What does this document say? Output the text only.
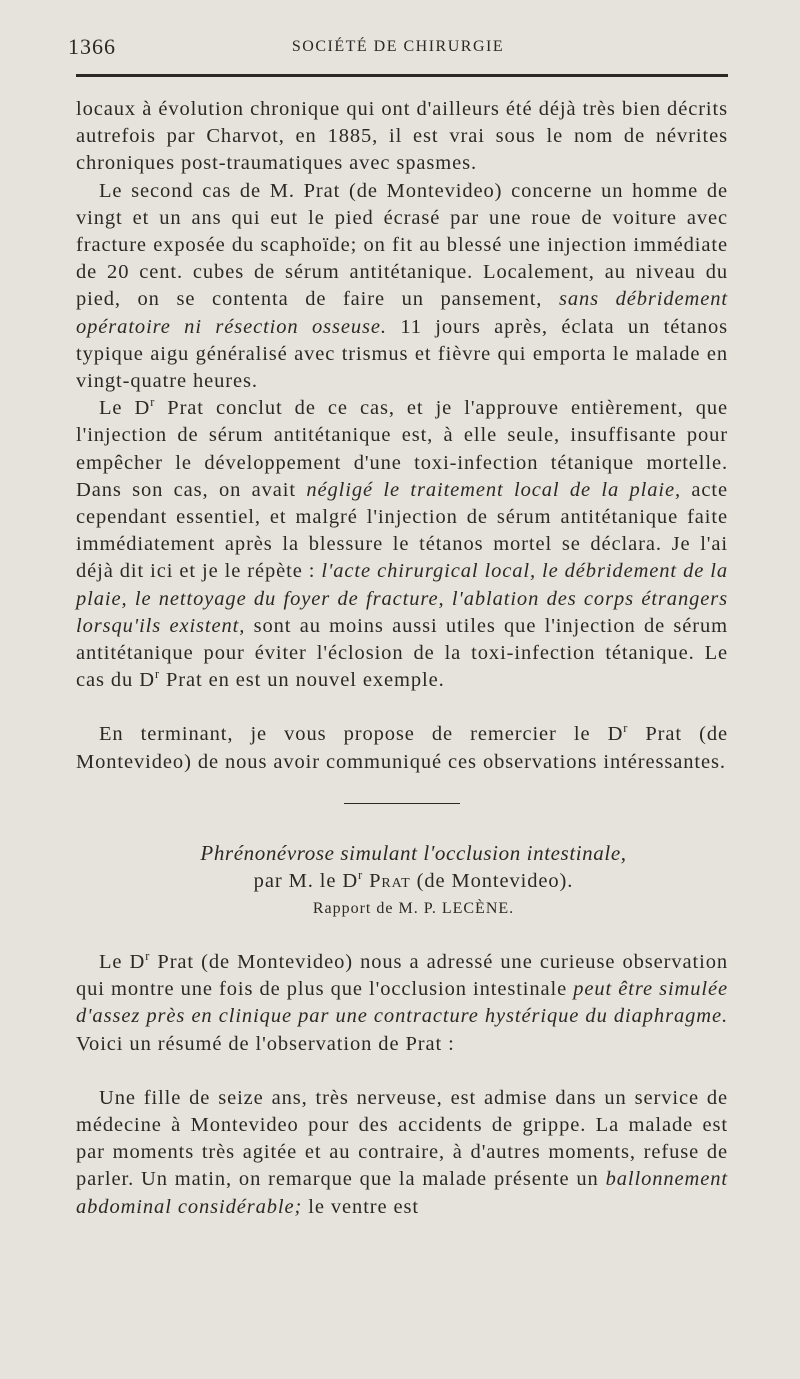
1366	SOCIÉTÉ DE CHIRURGIE

locaux à évolution chronique qui ont d'ailleurs été déjà très bien décrits autrefois par Charvot, en 1885, il est vrai sous le nom de névrites chroniques post-traumatiques avec spasmes.

Le second cas de M. Prat (de Montevideo) concerne un homme de vingt et un ans qui eut le pied écrasé par une roue de voiture avec fracture exposée du scaphoïde; on fit au blessé une injection immédiate de 20 cent. cubes de sérum antitétanique. Localement, au niveau du pied, on se contenta de faire un pansement, sans débridement opératoire ni résection osseuse. 11 jours après, éclata un tétanos typique aigu généralisé avec trismus et fièvre qui emporta le malade en vingt-quatre heures.

Le $D^r$ Prat conclut de ce cas, et je l'approuve entièrement, que l'injection de sérum antitétanique est, à elle seule, insuffisante pour empêcher le développement d'une toxi-infection tétanique mortelle. Dans son cas, on avait négligé le traitement local de la plaie, acte cependant essentiel, et malgré l'injection de sérum antitétanique faite immédiatement après la blessure le tétanos mortel se déclara. Je l'ai déjà dit ici et je le répète : l'acte chirurgical local, le débridement de la plaie, le nettoyage du foyer de fracture, l'ablation des corps étrangers lorsqu'ils existent, sont au moins aussi utiles que l'injection de sérum antitétanique pour éviter l'éclosion de la toxi-infection tétanique. Le cas du $D^r$ Prat en est un nouvel exemple.

En terminant, je vous propose de remercier le $D^r$ Prat (de Montevideo) de nous avoir communiqué ces observations intéressantes.

Phrénonévrose simulant l'occlusion intestinale,

par M. le $D^r$ Prat (de Montevideo).

Rapport de M. P. LECÈNE.

Le $D^r$ Prat (de Montevideo) nous a adressé une curieuse observation qui montre une fois de plus que l'occlusion intestinale peut être simulée d'assez près en clinique par une contracture hystérique du diaphragme. Voici un résumé de l'observation de Prat :

Une fille de seize ans, très nerveuse, est admise dans un service de médecine à Montevideo pour des accidents de grippe. La malade est par moments très agitée et au contraire, à d'autres moments, refuse de parler. Un matin, on remarque que la malade présente un ballonnement abdominal considérable; le ventre est
